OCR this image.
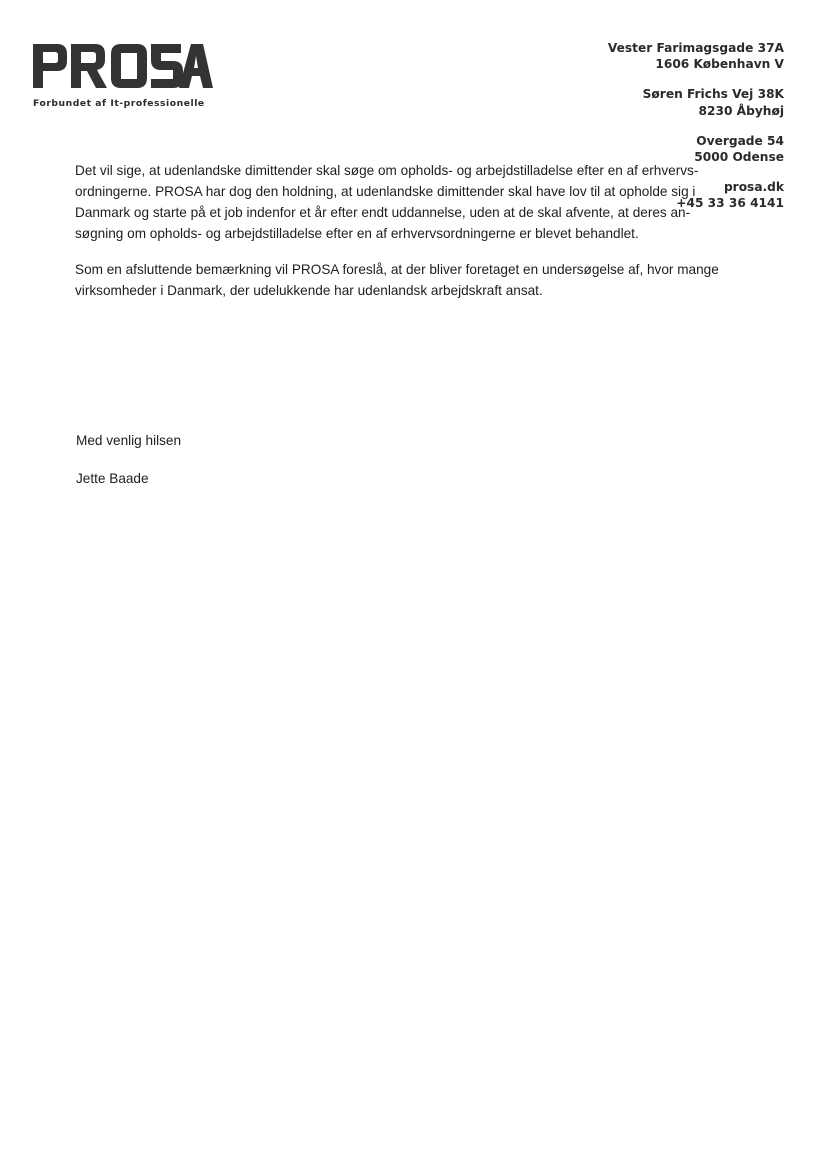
Forbundet af It-professionelle
Vester Farimagsgade 37A
1606 København V
Søren Frichs Vej 38K
8230 Åbyhøj
Overgade 54
5000 Odense
prosa.dk
+45 33 36 4141

Det vil sige, at udenlandske dimittender skal søge om opholds- og arbejdstilladelse efter en af erhvervs-ordningerne. PROSA har dog den holdning, at udenlandske dimittender skal have lov til at opholde sig i Danmark og starte på et job indenfor et år efter endt uddannelse, uden at de skal afvente, at deres an-søgning om opholds- og arbejdstilladelse efter en af erhvervsordningerne er blevet behandlet.

Som en afsluttende bemærkning vil PROSA foreslå, at der bliver foretaget en undersøgelse af, hvor mange virksomheder i Danmark, der udelukkende har udenlandsk arbejdskraft ansat.

Med venlig hilsen
Jette Baade
